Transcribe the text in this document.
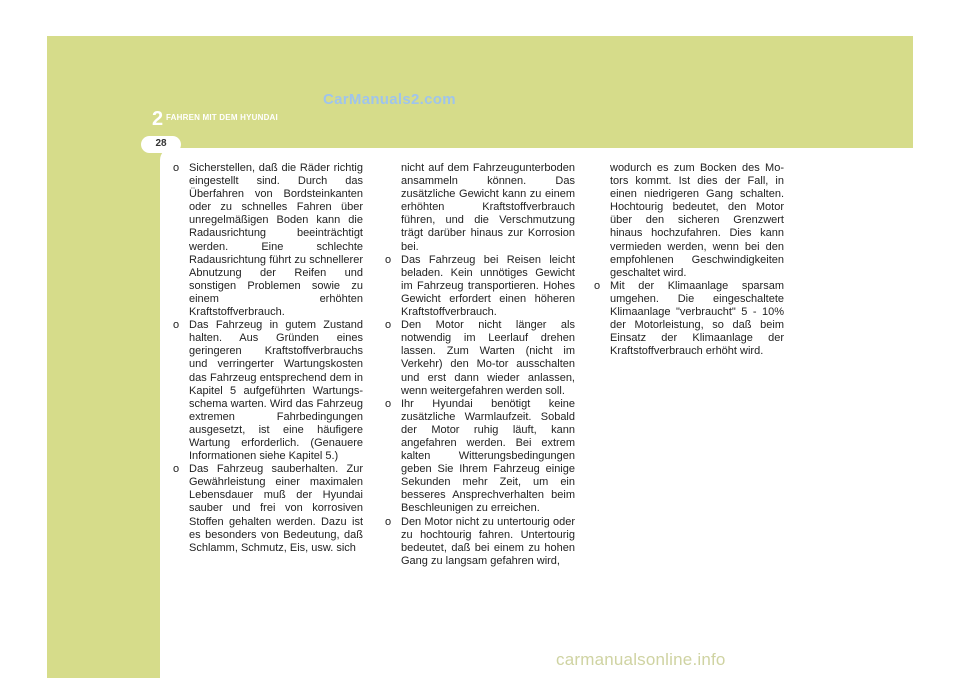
CarManuals2.com
2 FAHREN MIT DEM HYUNDAI
28

o Sicherstellen, daß die Räder richtig eingestellt sind. Durch das Überfahren von Bordsteinkanten oder zu schnelles Fahren über unregelmäßigen Boden kann die Radausrichtung beeinträchtigt werden. Eine schlechte Radausrichtung führt zu schnellerer Abnutzung der Reifen und sonstigen Problemen sowie zu einem erhöhten Kraftstoffverbrauch.

o Das Fahrzeug in gutem Zustand halten. Aus Gründen eines geringeren Kraftstoffverbrauchs und verringerter Wartungskosten das Fahrzeug entsprechend dem in Kapitel 5 aufgeführten Wartungs-schema warten. Wird das Fahrzeug extremen Fahrbedingungen ausgesetzt, ist eine häufigere Wartung erforderlich. (Genauere Informationen siehe Kapitel 5.)

o Das Fahrzeug sauberhalten. Zur Gewährleistung einer maximalen Lebensdauer muß der Hyundai sauber und frei von korrosiven Stoffen gehalten werden. Dazu ist es besonders von Bedeutung, daß Schlamm, Schmutz, Eis, usw. sich

nicht auf dem Fahrzeugunterboden ansammeln können. Das zusätzliche Gewicht kann zu einem erhöhten Kraftstoffverbrauch führen, und die Verschmutzung trägt darüber hinaus zur Korrosion bei.

o Das Fahrzeug bei Reisen leicht beladen. Kein unnötiges Gewicht im Fahrzeug transportieren. Hohes Gewicht erfordert einen höheren Kraftstoffverbrauch.

o Den Motor nicht länger als notwendig im Leerlauf drehen lassen. Zum Warten (nicht im Verkehr) den Mo-tor ausschalten und erst dann wieder anlassen, wenn weitergefahren werden soll.

o Ihr Hyundai benötigt keine zusätzliche Warmlaufzeit. Sobald der Motor ruhig läuft, kann angefahren werden. Bei extrem kalten Witterungsbedingungen geben Sie Ihrem Fahrzeug einige Sekunden mehr Zeit, um ein besseres Ansprechverhalten beim Beschleunigen zu erreichen.

o Den Motor nicht zu untertourig oder zu hochtourig fahren. Untertourig bedeutet, daß bei einem zu hohen Gang zu langsam gefahren wird,

wodurch es zum Bocken des Mo-tors kommt. Ist dies der Fall, in einen niedrigeren Gang schalten. Hochtourig bedeutet, den Motor über den sicheren Grenzwert hinaus hochzufahren. Dies kann vermieden werden, wenn bei den empfohlenen Geschwindigkeiten geschaltet wird.

o Mit der Klimaanlage sparsam umgehen. Die eingeschaltete Klimaanlage "verbraucht" 5 - 10% der Motorleistung, so daß beim Einsatz der Klimaanlage der Kraftstoffverbrauch erhöht wird.

carmanualsonline.info
